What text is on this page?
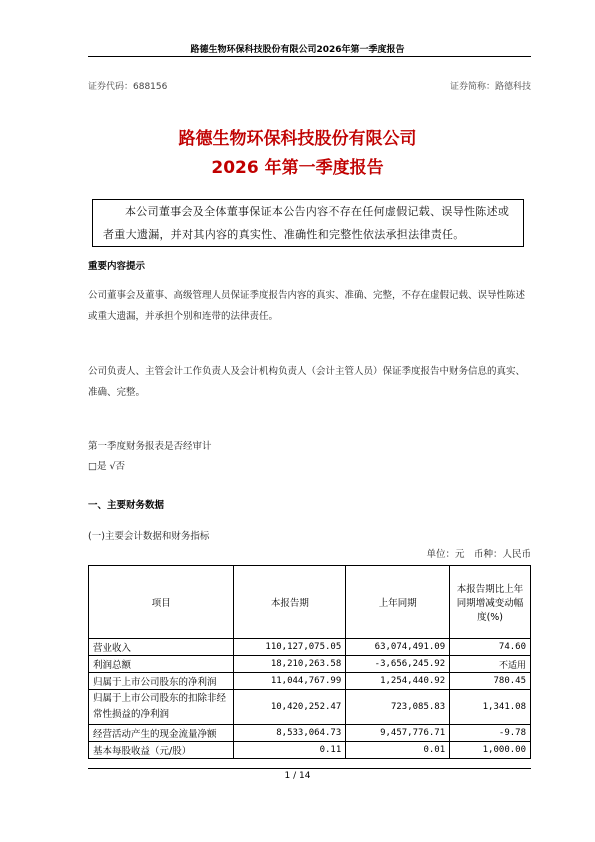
路德生物环保科技股份有限公司2026年第一季度报告
证券代码：688156	证券简称：路德科技
路德生物环保科技股份有限公司
2026 年第一季度报告
本公司董事会及全体董事保证本公告内容不存在任何虚假记载、误导性陈述或者重大遗漏，并对其内容的真实性、准确性和完整性依法承担法律责任。
重要内容提示
公司董事会及董事、高级管理人员保证季度报告内容的真实、准确、完整，不存在虚假记载、误导性陈述或重大遗漏，并承担个别和连带的法律责任。
公司负责人、主管会计工作负责人及会计机构负责人（会计主管人员）保证季度报告中财务信息的真实、准确、完整。
第一季度财务报表是否经审计
□是 √否
一、主要财务数据
(一)主要会计数据和财务指标
单位：元　币种：人民币
项目	本报告期	上年同期	本报告期比上年同期增减变动幅度(%)
营业收入	110,127,075.05	63,074,491.09	74.60
利润总额	18,210,263.58	-3,656,245.92	不适用
归属于上市公司股东的净利润	11,044,767.99	1,254,440.92	780.45
归属于上市公司股东的扣除非经常性损益的净利润	10,420,252.47	723,085.83	1,341.08
经营活动产生的现金流量净额	8,533,064.73	9,457,776.71	-9.78
基本每股收益（元/股）	0.11	0.01	1,000.00
1 / 14
